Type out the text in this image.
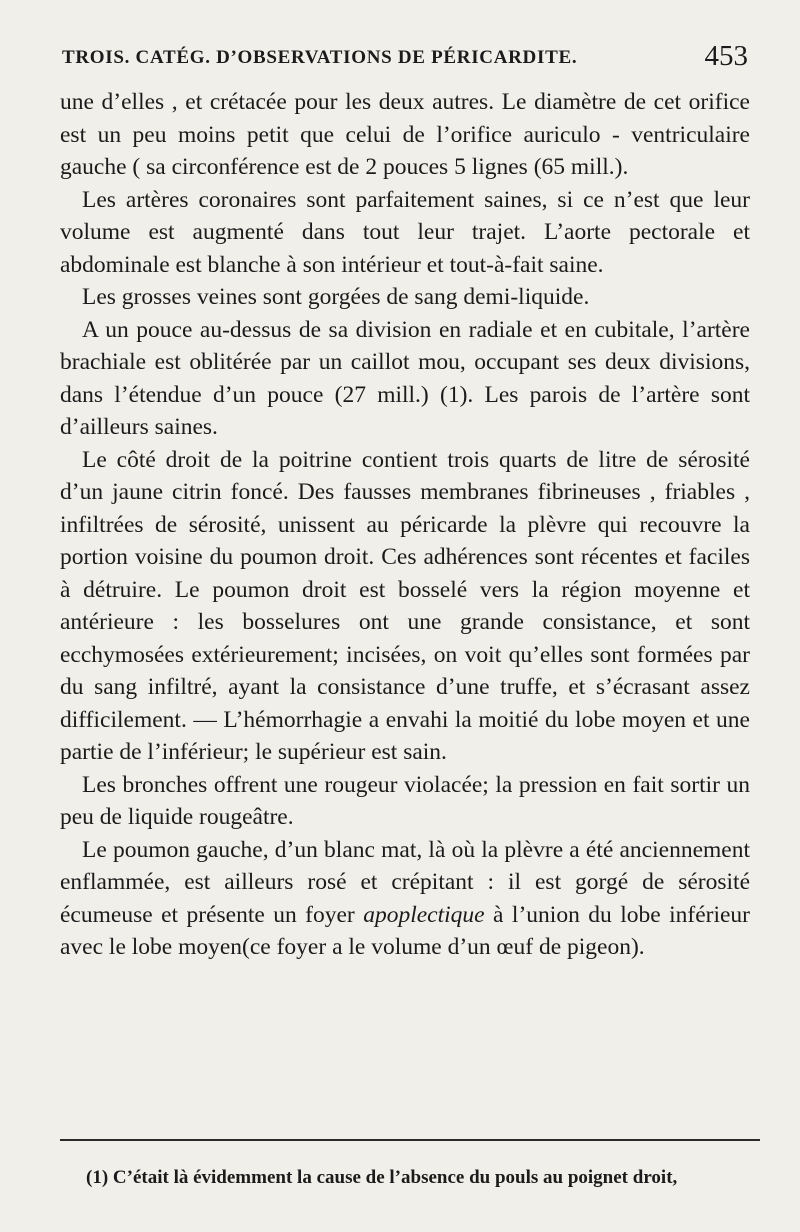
TROIS. CATÉG. D’OBSERVATIONS DE PÉRICARDITE.	453

une d’elles , et crétacée pour les deux autres. Le diamètre de cet orifice est un peu moins petit que celui de l’orifice auriculo - ventriculaire gauche ( sa circonférence est de 2 pouces 5 lignes (65 mill.).

Les artères coronaires sont parfaitement saines, si ce n’est que leur volume est augmenté dans tout leur trajet. L’aorte pectorale et abdominale est blanche à son intérieur et tout-à-fait saine.

Les grosses veines sont gorgées de sang demi-liquide.

A un pouce au-dessus de sa division en radiale et en cubitale, l’artère brachiale est oblitérée par un caillot mou, occupant ses deux divisions, dans l’étendue d’un pouce (27 mill.) (1). Les parois de l’artère sont d’ailleurs saines.

Le côté droit de la poitrine contient trois quarts de litre de sérosité d’un jaune citrin foncé. Des fausses membranes fibrineuses , friables , infiltrées de sérosité, unissent au péricarde la plèvre qui recouvre la portion voisine du poumon droit. Ces adhérences sont récentes et faciles à détruire. Le poumon droit est bosselé vers la région moyenne et antérieure : les bosselures ont une grande consistance, et sont ecchymosées extérieurement; incisées, on voit qu’elles sont formées par du sang infiltré, ayant la consistance d’une truffe, et s’écrasant assez difficilement. — L’hémorrhagie a envahi la moitié du lobe moyen et une partie de l’inférieur; le supérieur est sain.

Les bronches offrent une rougeur violacée; la pression en fait sortir un peu de liquide rougeâtre.

Le poumon gauche, d’un blanc mat, là où la plèvre a été anciennement enflammée, est ailleurs rosé et crépitant : il est gorgé de sérosité écumeuse et présente un foyer apoplectique à l’union du lobe inférieur avec le lobe moyen(ce foyer a le volume d’un œuf de pigeon).

(1) C’était là évidemment la cause de l’absence du pouls au poignet droit,
